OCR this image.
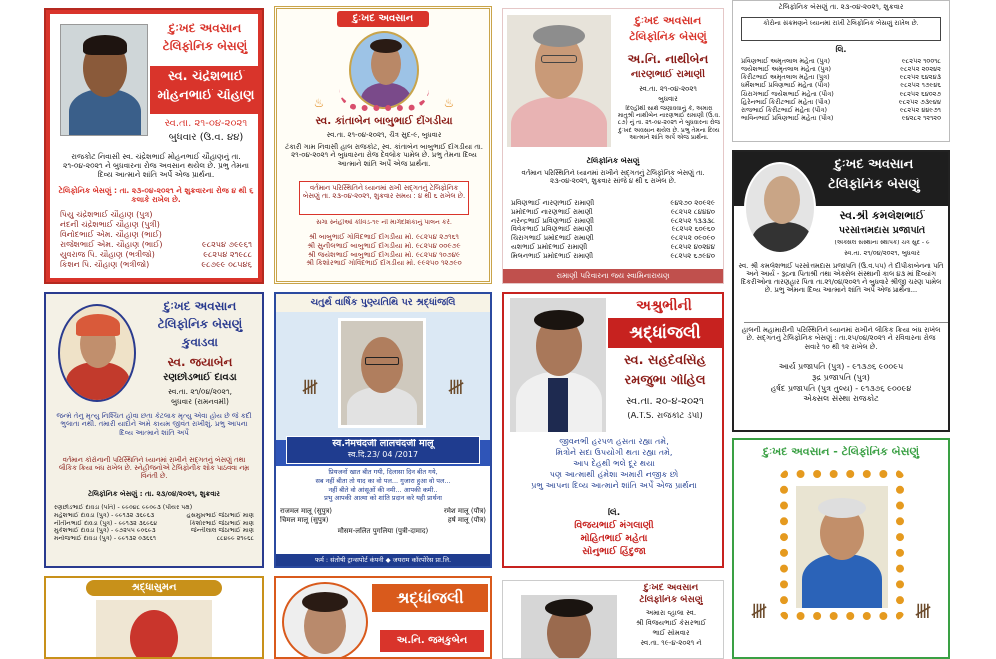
દુઃખદ અવસાન
ટેલિફોનિક બેસણું
સ્વ. ચંદ્રેશભાઈ
મોહનભાઈ ચૌહાણ
સ્વ.તા. ૨૧-૦૪-૨૦૨૧
બુધવાર (ઉ.વ. ૪૪)
રાજકોટ નિવાસી સ્વ. ચંદ્રેશભાઈ મોહનભાઈ ચૌહાણનું તા. ૨૧-૦૪-૨૦૨૧ ને બુધવારના રોજ અવસાન થયેલ છે. પ્રભુ તેમના દિવ્ય આત્માને શાંતિ અર્પે એજ પ્રાર્થના.
ટેલિફોનિક બેસણું : તા. ૨૩-૦૪-૨૦૨૧ ને શુક્રવારના રોજ ૪ થી ૬ કલાકે રાખેલ છે.
પિયુ ચંદ્રેશભાઈ ચૌહાણ (પુત્ર)
નંદની ચંદ્રેશભાઈ ચૌહાણ (પુત્રી)
વિનોદભાઈ એમ. ચૌહાણ (ભાઈ)
રાજેશભાઈ એમ. ચૌહાણ (ભાઈ)	૯૮૨૫૪ ૭૯૯૬૧
યુવરાજ પિ. ચૌહાણ (ભત્રીજો)	૯૮૨૫૪ ૨૧૯૮૮
કિશન પિ. ચૌહાણ (ભત્રીજો)	૯૮૭૯૯ ૦૮૫૪૬
દુઃખદ અવસાન
♨	♨
સ્વ. કાંતાબેન બાબુભાઈ દોંગડીયા
સ્વ.તા. ૨૧-૦૪-૨૦૨૧, ચૈત્ર સુદ-૯, બુધવાર
ટંકારી ગામ નિવાસી હાલ રાજકોટ, સ્વ. કાંતાબેન બાબુભાઈ દોંગડીયા તા. ૨૧-૦૪-૨૦૨૧ ને બુધવારના રોજ દેવલોક પામેલ છે. પ્રભુ તેમના દિવ્ય આત્માને શાંતિ અર્પે એજ પ્રાર્થના.
વર્તમાન પરિસ્થિતિને ધ્યાનમાં રાખી સદ્‌ગતનું ટેલિફોનિક બેસણું તા. ૨૩-૦૪-૨૦૨૧, શુક્રવાર સમય : ૪ થી ૬ રાખેલ છે.
સગા સ્નેહીઓ કોવિડ-૧૯ ની માર્ગદર્શિકાનું પાલન કરે.
શ્રી બાબુભાઈ ગોવિંદભાઈ દોંગડીયા મો. ૯૮૨૫૪ ૨૭૧૬૧
શ્રી સુનીલભાઈ બાબુભાઈ દોંગડીયા મો. ૯૮૨૫૪ ૦૦૯૭૯
શ્રી જયેશભાઈ બાબુભાઈ દોંગડીયા મો. ૯૮૨૫૪ ૧૦૭૪૯
શ્રી કિશોરભાઈ ગોવિંદભાઈ દોંગડીયા મો. ૯૯૨૫૦ ૧૨૭૯૦
દુઃખદ અવસાન
ટેલિફોનિક બેસણું
અ.નિ. નાથીબેન
નારણભાઈ રામાણી
સ્વ.તા. ૨૧-૦૪-૨૦૨૧
બુધવાર
દિલ્હીથી સાથે જણાવવાનું કે, અમારા માતુશ્રી નાથીબેન નારણભાઈ રામાણી (ઉ.વ. ૮૭) નું તા. ૨૧-૦૪-૨૦૨૧ ને બુધવારના રોજ દુઃખદ અવસાન થયેલ છે. પ્રભુ તેમના દિવ્ય આત્માને શાંતિ અર્પે એજ પ્રાર્થના.
ટેલિફોનિક બેસણું
વર્તમાન પરિસ્થિતિને ધ્યાનમાં રાખીને સદ્‌ગતનું ટેલિફોનિક બેસણું તા. ૨૩-૦૪-૨૦૨૧, શુક્રવાર સાંજે ૪ થી ૬ રાખેલ છે.
પ્રવિણભાઈ નારણભાઈ રામાણી	૯૪૨૭૦ ૨૦૯૨૯
પ્રમોદભાઈ નારણભાઈ રામાણી	૯૮૨૫૨ ૮૪૪૪૦
નરેન્દ્રભાઈ પ્રવિણભાઈ રામાણી	૯૮૨૫૨ ૧૩૩૩૮
વિવેકભાઈ પ્રવિણભાઈ રામાણી	૯૮૨૫૨ ૬૦૯૬૦
ચિરાગભાઈ પ્રમોદભાઈ રામાણી	૯૮૨૫૨ ૦૯૦૯૦
યશભાઈ પ્રમોદભાઈ રામાણી	૯૮૨૫૨ ૪૦૨૪૪
મિલનભાઈ પ્રમોદભાઈ રામાણી	૯૮૨૫૨ ૬૭૯૪૦
રામાણી પરિવારના જય સ્વામિનારાયણ
ટેલિફોનિક બેસણું તા. ૨૩-૦૪-૨૦૨૧, શુક્રવાર
કોરોના સંક્રમણને ધ્યાનમાં રાખી ટેલિફોનિક બેસણું રાખેલ છે.
લિ.
પ્રવિણભાઈ અમૃતલાલ મહેતા (પુત્ર)	૯૮૨૫૨ ૧૦૦૧૮
જયેશભાઈ અમૃતલાલ મહેતા (પુત્ર)	૯૮૨૫૨ ૨૦૨૪૨
કિરીટભાઈ અમૃતલાલ મહેતા (પુત્ર)	૯૮૨૫૨ ૬૪૨૪૩
ધર્મેશભાઈ પ્રવિણભાઈ મહેતા (પૌત્ર)	૯૮૨૫૨ ૧૭૯૪૬
ચિરાગભાઈ જયેશભાઈ મહેતા (પૌત્ર)	૯૮૨૫૨ ૬૪૦૨૭
હિરેનભાઈ કિરીટભાઈ મહેતા (પૌત્ર)	૯૮૨૫૨ ૭૩૯૪૪
રાજભાઈ કિરીટભાઈ મહેતા (પૌત્ર)	૯૮૨૫૨ ૪૪૯૭૧
ભાવિનભાઈ પ્રવિણભાઈ મહેતા (પૌત્ર)	૯૪૨૮૨ ૧૨૧૨૦
દુઃખદ અવસાન
ટેલિફોનિક બેસણું
સ્વ.શ્રી કમલેશભાઈ
પરસોત્તમદાસ પ્રજાપતિ
(એક્સેલ સંસ્થાના સ્થાપક) ચૈત્ર સુદ - ૯
સ્વ.તા. ૨૧/૦૪/૨૦૨૧, બુધવાર
સ્વ. શ્રી કમલેશભાઈ પરસોત્તમદાસ પ્રજાપતિ (ઉ.વ.૫૫) તે દીપીકાબેનના પતિ અને આર્ય - રૂદ્રના પિતાશ્રી તથા એક્સેલ સંસ્થાની કાલ ૪૩ માં દિવ્યાંગ દિકરીઓના તારણહાર પિતા તા.૨૧/૦૪/૨૦૨૧ ને બુધવારે શ્રીજી ચરણ પામેલ છે. પ્રભુ એમના દિવ્ય આત્માને શાંતિ અર્પે એજ પ્રાર્થના...
હાલની મહામારીની પરિસ્થિતિને ધ્યાનમાં રાખીને લૌકિક ક્રિયા બંધ રાખેલ છે. સદ્‌ગતનું ટેલિફોનિક બેસણું : તા.૨૫/૦૪/૨૦૨૧ ને રવિવારના રોજ સવારે ૧૦ થી ૧૨ રાખેલ છે.
આર્ય પ્રજાપતિ (પુત્ર) - ૯૧૩૭૬ ૯૦૦૯૫
રૂદ્ર પ્રજાપતિ (પુત્ર)
હર્ષદ પ્રજાપતિ (પુત્ર તુલ્ય) - ૯૧૩૭૬ ૯૦૦૯૪
એક્સલ સંસ્થા રાજકોટ
દુઃખદ અવસાન
ટેલિફોનિક બેસણું
કુવાડવા
સ્વ. જયાબેન
રણછોડભાઈ દાવડા
સ્વ.તા. ૨૧/૦૪/૨૦૨૧,
બુધવાર (રામનવમી)
જન્મે તેનુ મૃત્યુ નિશ્ચિત હોવા છતા કેટલાક મૃત્યુ એવા હોય છે જે કદી ભુલાતા નથી. તમારી યાદોને અમે કાયમ જીવંત રાખીશું. પ્રભુ આપના દિવ્ય આત્માને શાંતિ અર્પે
વર્તમાન કોરોનાની પરિસ્થિતિને ધ્યાનમાં રાખીને સદ્‌ગતનું બેસણું તથા લૌકિક ક્રિયા બંધ રાખેલ છે. સ્નેહીજનોએ ટેલિફોનીક શોક પાઠવવા નમ્ર વિનંતી છે.
ટેલિફોનિક બેસણું : તા. ૨૩/૦૪/૨૦૨૧, શુક્રવાર
રણછોડભાઈ દાવડા (પતિ) - ૯૯૦૪૮ ૯૯૦૯૩ (પીયર પક્ષ)
મહેશભાઈ દાવડા (પુત્ર) - ૯૯૧૩૨ ૩૬૯૬૩	હસમુખભાઈ જેઠાભાઈ માણ
નીતીનભાઈ દાવડા (પુત્ર) - ૯૯૧૩૨ ૩૬૯૬૪	કિશોરભાઈ જેઠાભાઈ માણ
મુકેશભાઈ દાવડા (પુત્ર) - ૯૭૨૫૫ ૯૦૬૯૩	જેન્તીલાલ જેઠાભાઈ માણ
મનોજભાઈ દાવડા (પુત્ર) - ૯૯૧૩૨ ૦૩૬૬૧	૮૮૪૯૯ ૨૧૯૬૮
ચતુર્થ વાર્ષિક પુણ્યતિથિ પર શ્રદ્ધાંજલિ
𝍸	𝍸
स्व.नेमचंदजी लालचंदजी मालू
स्व.दि.23/ 04 /2017
प्रियजनों खात बीत गयी, दिलासा दिन बीत गये,
सब नहीं बीता तो याद का वो पल... गुजारा हुआ वो पल...
नहीं बीते वो आंसूओं की नमी... आपकी कमी..
प्रभु आपकी आत्मा को शांति प्रदान करे यही प्रार्थना
राजमल मालू (सुपुत्र)	रमेश मालू (पौत्र)
चिमल मालू (सुपुत्र)	हर्ष मालू (पौत्र)
मौसम-ललित पुगलिया (पुत्री-दामाद)
फर्म : संतोषी ट्रान्सपोर्ट कंपनी ◆ जयराम कॉरपोरेस प्रा.लि.
અશ્રુભીની
શ્રદ્ધાંજલી
સ્વ. સહદેવસિંહ
રમજુભા ગોહિલ
સ્વ.તા. ૨૦-૪-૨૦૨૧
(A.T.S. રાજકોટ ડેપો)
જીવનભી હરપળ હસતા રહ્યા તમે,
મિત્રોને સદા ઉપયોગી થતા રહ્યા તમે,
આપ દેહથી ભલે દૂર થયા
પણ આત્માથી હંમેશા અમારી નજીક છો
પ્રભુ આપના દિવ્ય આત્માને શાંતિ અર્પે એજ પ્રાર્થના
લિ.
વિજયભાઈ મંગલાણી
મોહિતભાઈ મહેતા
સોનુભાઈ હિંદુજા
દુઃખદ અવસાન - ટેલિફોનિક બેસણું
𝍸	𝍸
શ્રદ્ધાસુમન
શ્રદ્ધાંજલી
અ.નિ. જમકુબેન
દુઃખદ અવસાન
ટેલિફોનિક બેસણું
અમારા વ્હાલા સ્વ.
શ્રી વિજયભાઈ કેસરભાઈ
ભાઈ સોમવાર
સ્વ.તા. ૧૯-૪-૨૦૨૧ ને
